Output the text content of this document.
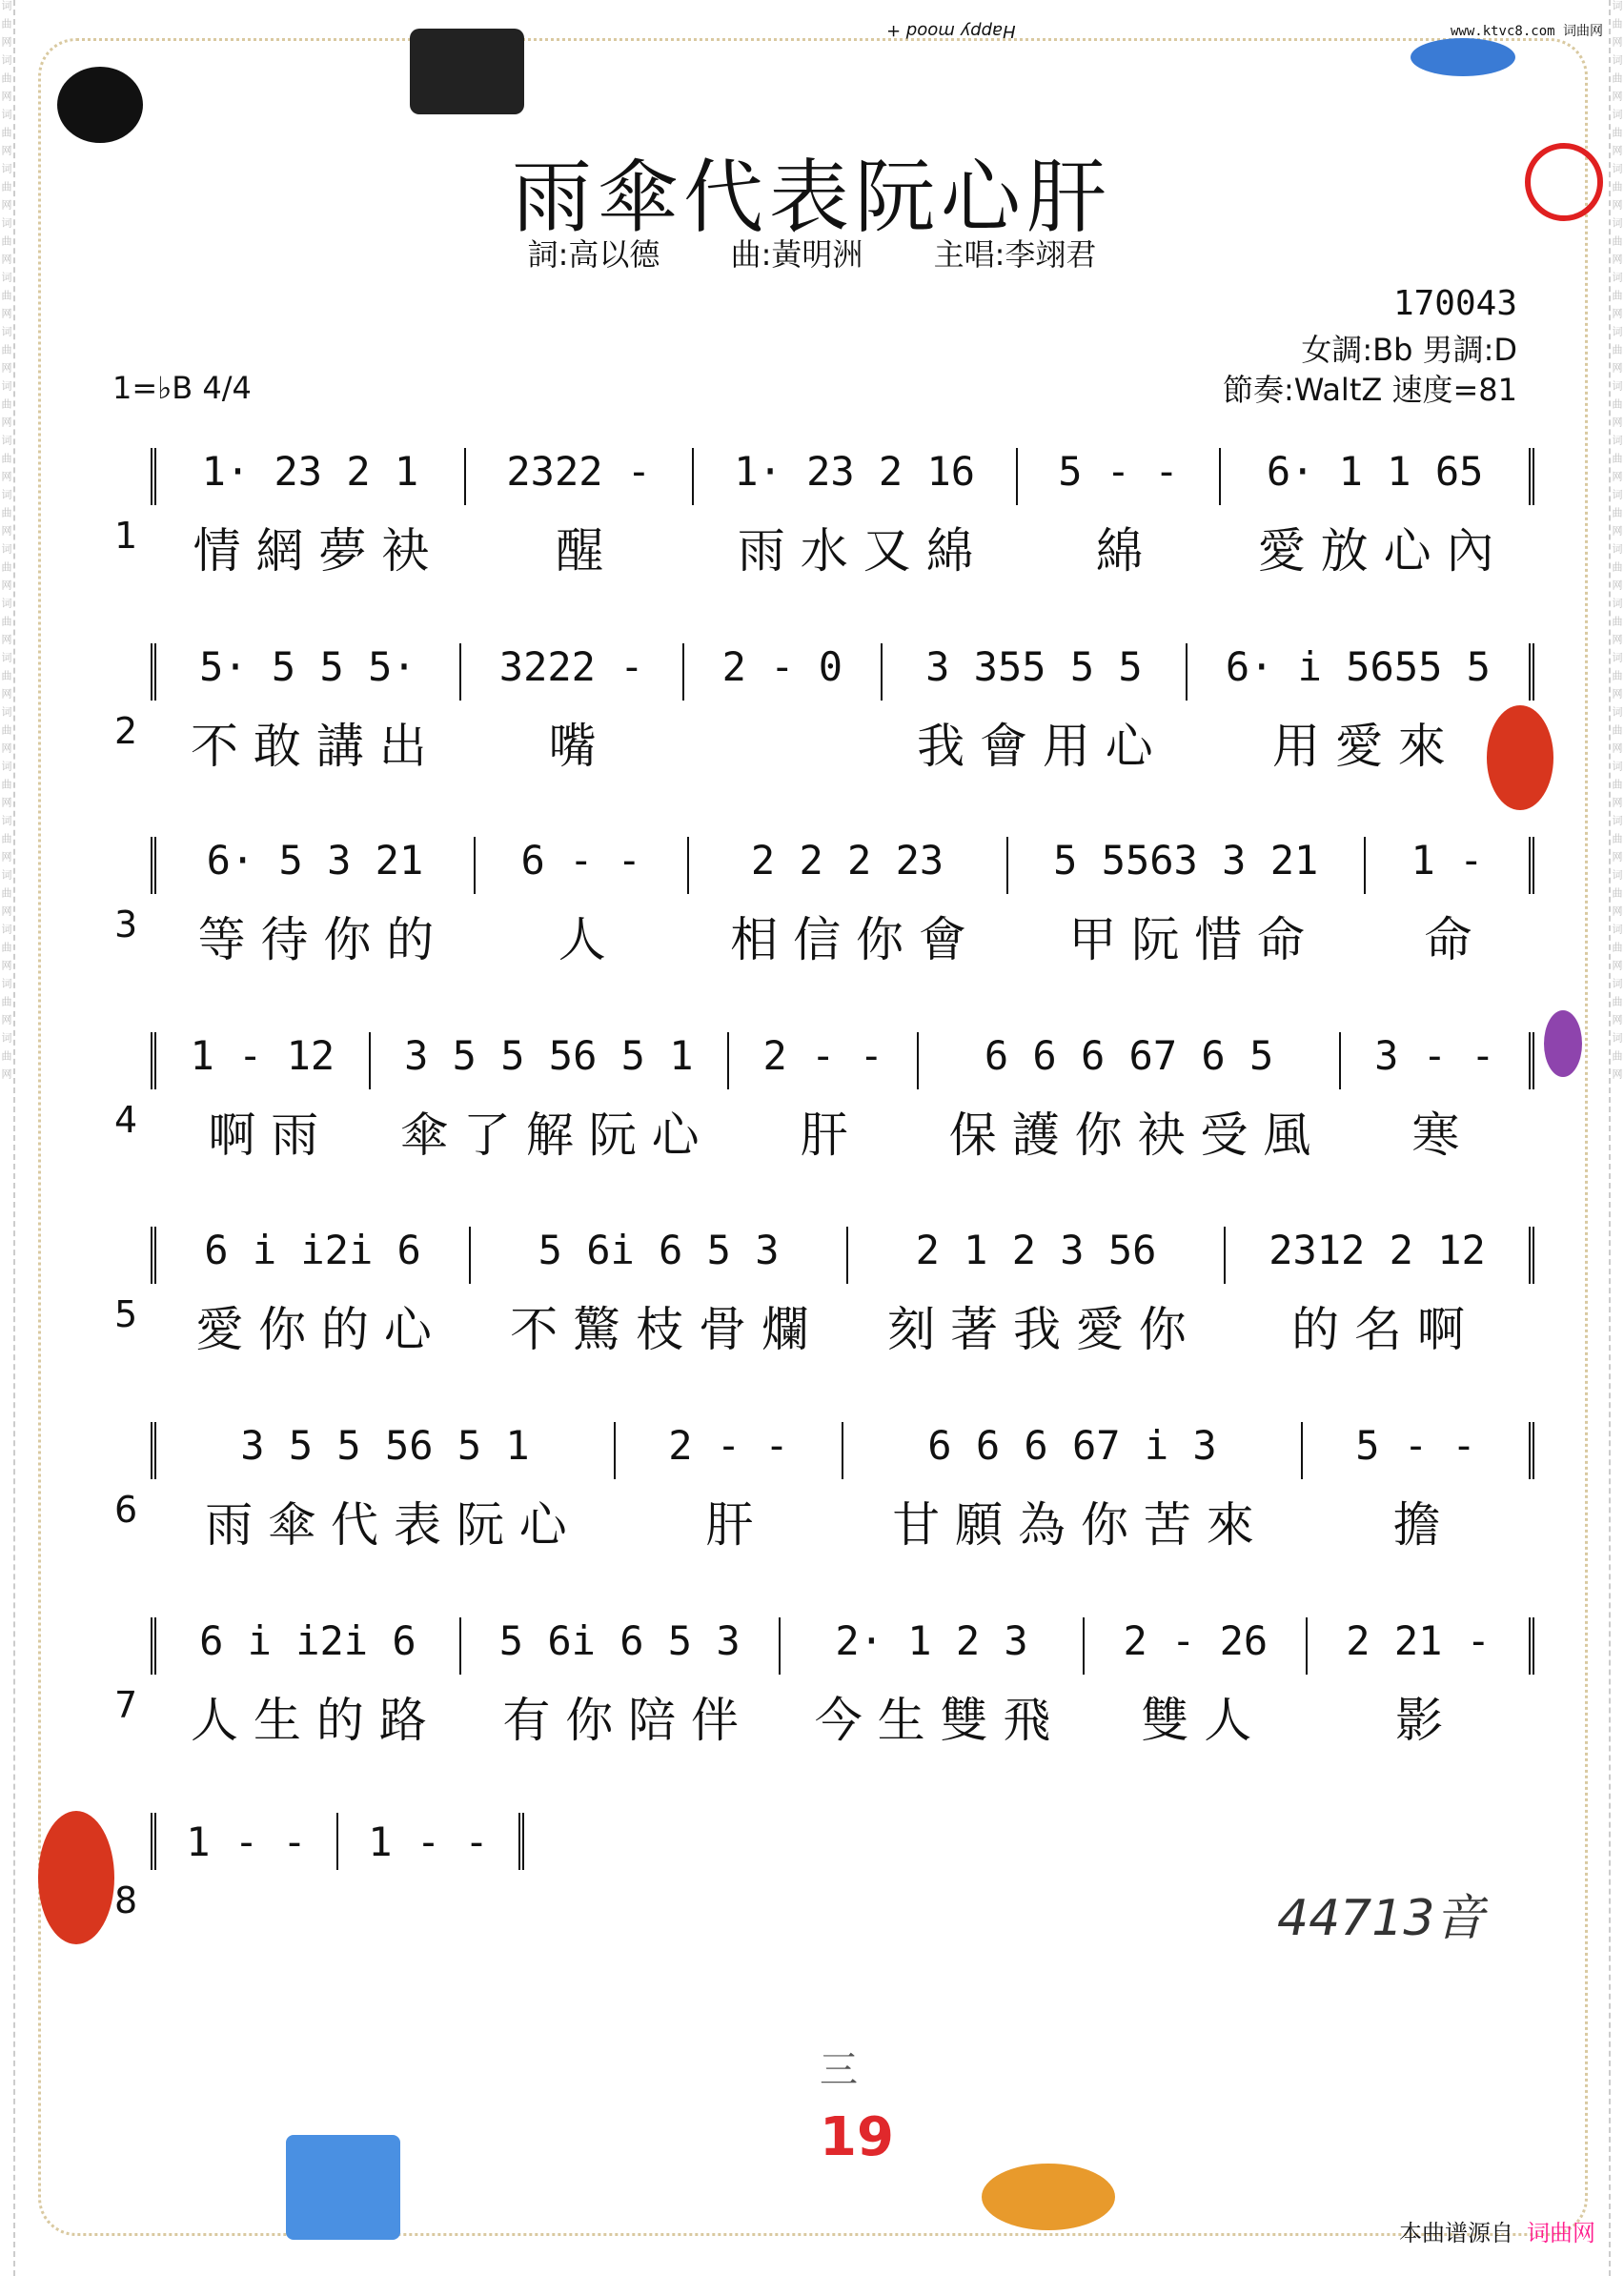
词曲网词曲网词曲网词曲网词曲网词曲网词曲网词曲网词曲网词曲网词曲网词曲网词曲网词曲网词曲网词曲网词曲网词曲网词曲网词曲网	词曲网词曲网词曲网词曲网词曲网词曲网词曲网词曲网词曲网词曲网词曲网词曲网词曲网词曲网词曲网词曲网词曲网词曲网词曲网词曲网
www.ktvc8.com 词曲网
Happy mood +
雨傘代表阮心肝
詞:高以德 曲:黃明洲 主唱:李翊君
170043
女調:Bb 男調:D
節奏:WaltZ 速度=81
1=♭B 4/4
1
1· 23 2 1
情 網 夢 袂
2322 -
醒
1· 23 2 16
雨 水 又 綿
5 - -
綿
6· 1 1 65
愛 放 心 內
2
5· 5 5 5·
不 敢 講 出
3222 -
嘴
2 - 0	3 355 5 5
我 會 用 心
6· i 5655 5
用 愛 來
3
6· 5 3 21
等 待 你 的
6 - -
人
2 2 2 23
相 信 你 會
5 5563 3 21
甲 阮 惜 命
1 -
命
4
1 - 12
啊 雨
3 5 5 56 5 1
傘 了 解 阮 心
2 - -
肝
6 6 6 67 6 5
保 護 你 袂 受 風
3 - -
寒
5
6 i i2i 6
愛 你 的 心
5 6i 6 5 3
不 驚 枝 骨 爛
2 1 2 3 56
刻 著 我 愛 你
2312 2 12
的 名 啊
6
3 5 5 56 5 1
雨 傘 代 表 阮 心
2 - -
肝
6 6 6 67 i 3
甘 願 為 你 苦 來
5 - -
擔
7
6 i i2i 6
人 生 的 路
5 6i 6 5 3
有 你 陪 伴
2· 1 2 3
今 生 雙 飛
2 - 26
雙 人
2 21 -
影
8
1 - -	1 - -
44713音
三
19
本曲谱源自 词曲网
